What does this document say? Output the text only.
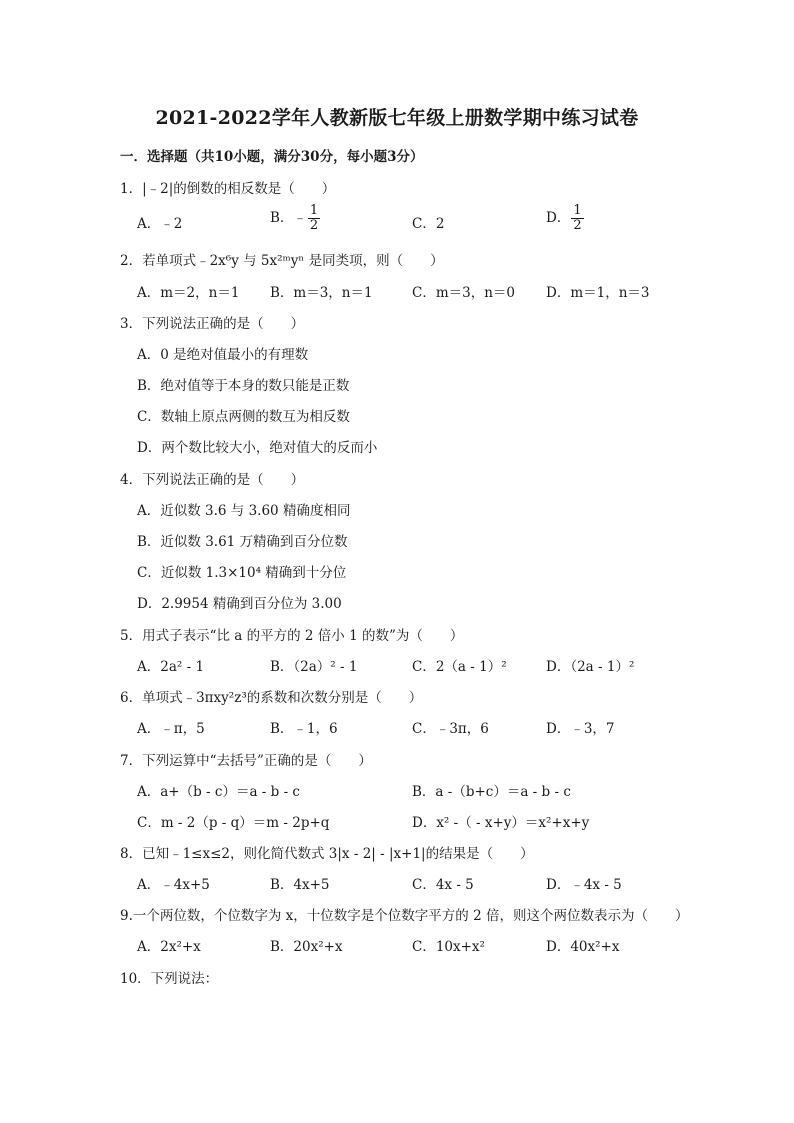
2021-2022学年人教新版七年级上册数学期中练习试卷
一．选择题（共10小题，满分30分，每小题3分）
1．|﹣2|的倒数的相反数是（　　）
A．﹣2	B．﹣ $\frac{1}{2}$	C．2	D． $\frac{1}{2}$
2．若单项式﹣2x⁶y 与 5x²ᵐyⁿ 是同类项，则（　　）
A．m＝2，n＝1 B．m＝3，n＝1	C．m＝3，n＝0 D．m＝1，n＝3
3．下列说法正确的是（　　）
A．0 是绝对值最小的有理数
B．绝对值等于本身的数只能是正数
C．数轴上原点两侧的数互为相反数
D．两个数比较大小，绝对值大的反而小
4．下列说法正确的是（　　）
A．近似数 3.6 与 3.60 精确度相同
B．近似数 3.61 万精确到百分位数
C．近似数 1.3×10⁴ 精确到十分位
D．2.9954 精确到百分位为 3.00
5．用式子表示“比 a 的平方的 2 倍小 1 的数”为（　　）
A．2a² - 1	B．（2a）² - 1	C．2（a - 1）²	D．（2a - 1）²
6．单项式﹣3πxy²z³的系数和次数分别是（　　）
A．﹣π，5	B．﹣1，6	C．﹣3π，6	D．﹣3，7
7．下列运算中“去括号”正确的是（　　）
A．a+（b - c）＝a - b - c	B．a -（b+c）＝a - b - c
C．m - 2（p - q）＝m - 2p+q	D．x² -（ - x+y）＝x²+x+y
8．已知﹣1≤x≤2，则化简代数式 3|x - 2| - |x+1|的结果是（　　）
A．﹣4x+5	B．4x+5	C．4x - 5	D．﹣4x - 5
9.一个两位数，个位数字为 x，十位数字是个位数字平方的 2 倍，则这个两位数表示为（　　）
A．2x²+x	B．20x²+x	C．10x+x²	D．40x²+x
10．下列说法：
